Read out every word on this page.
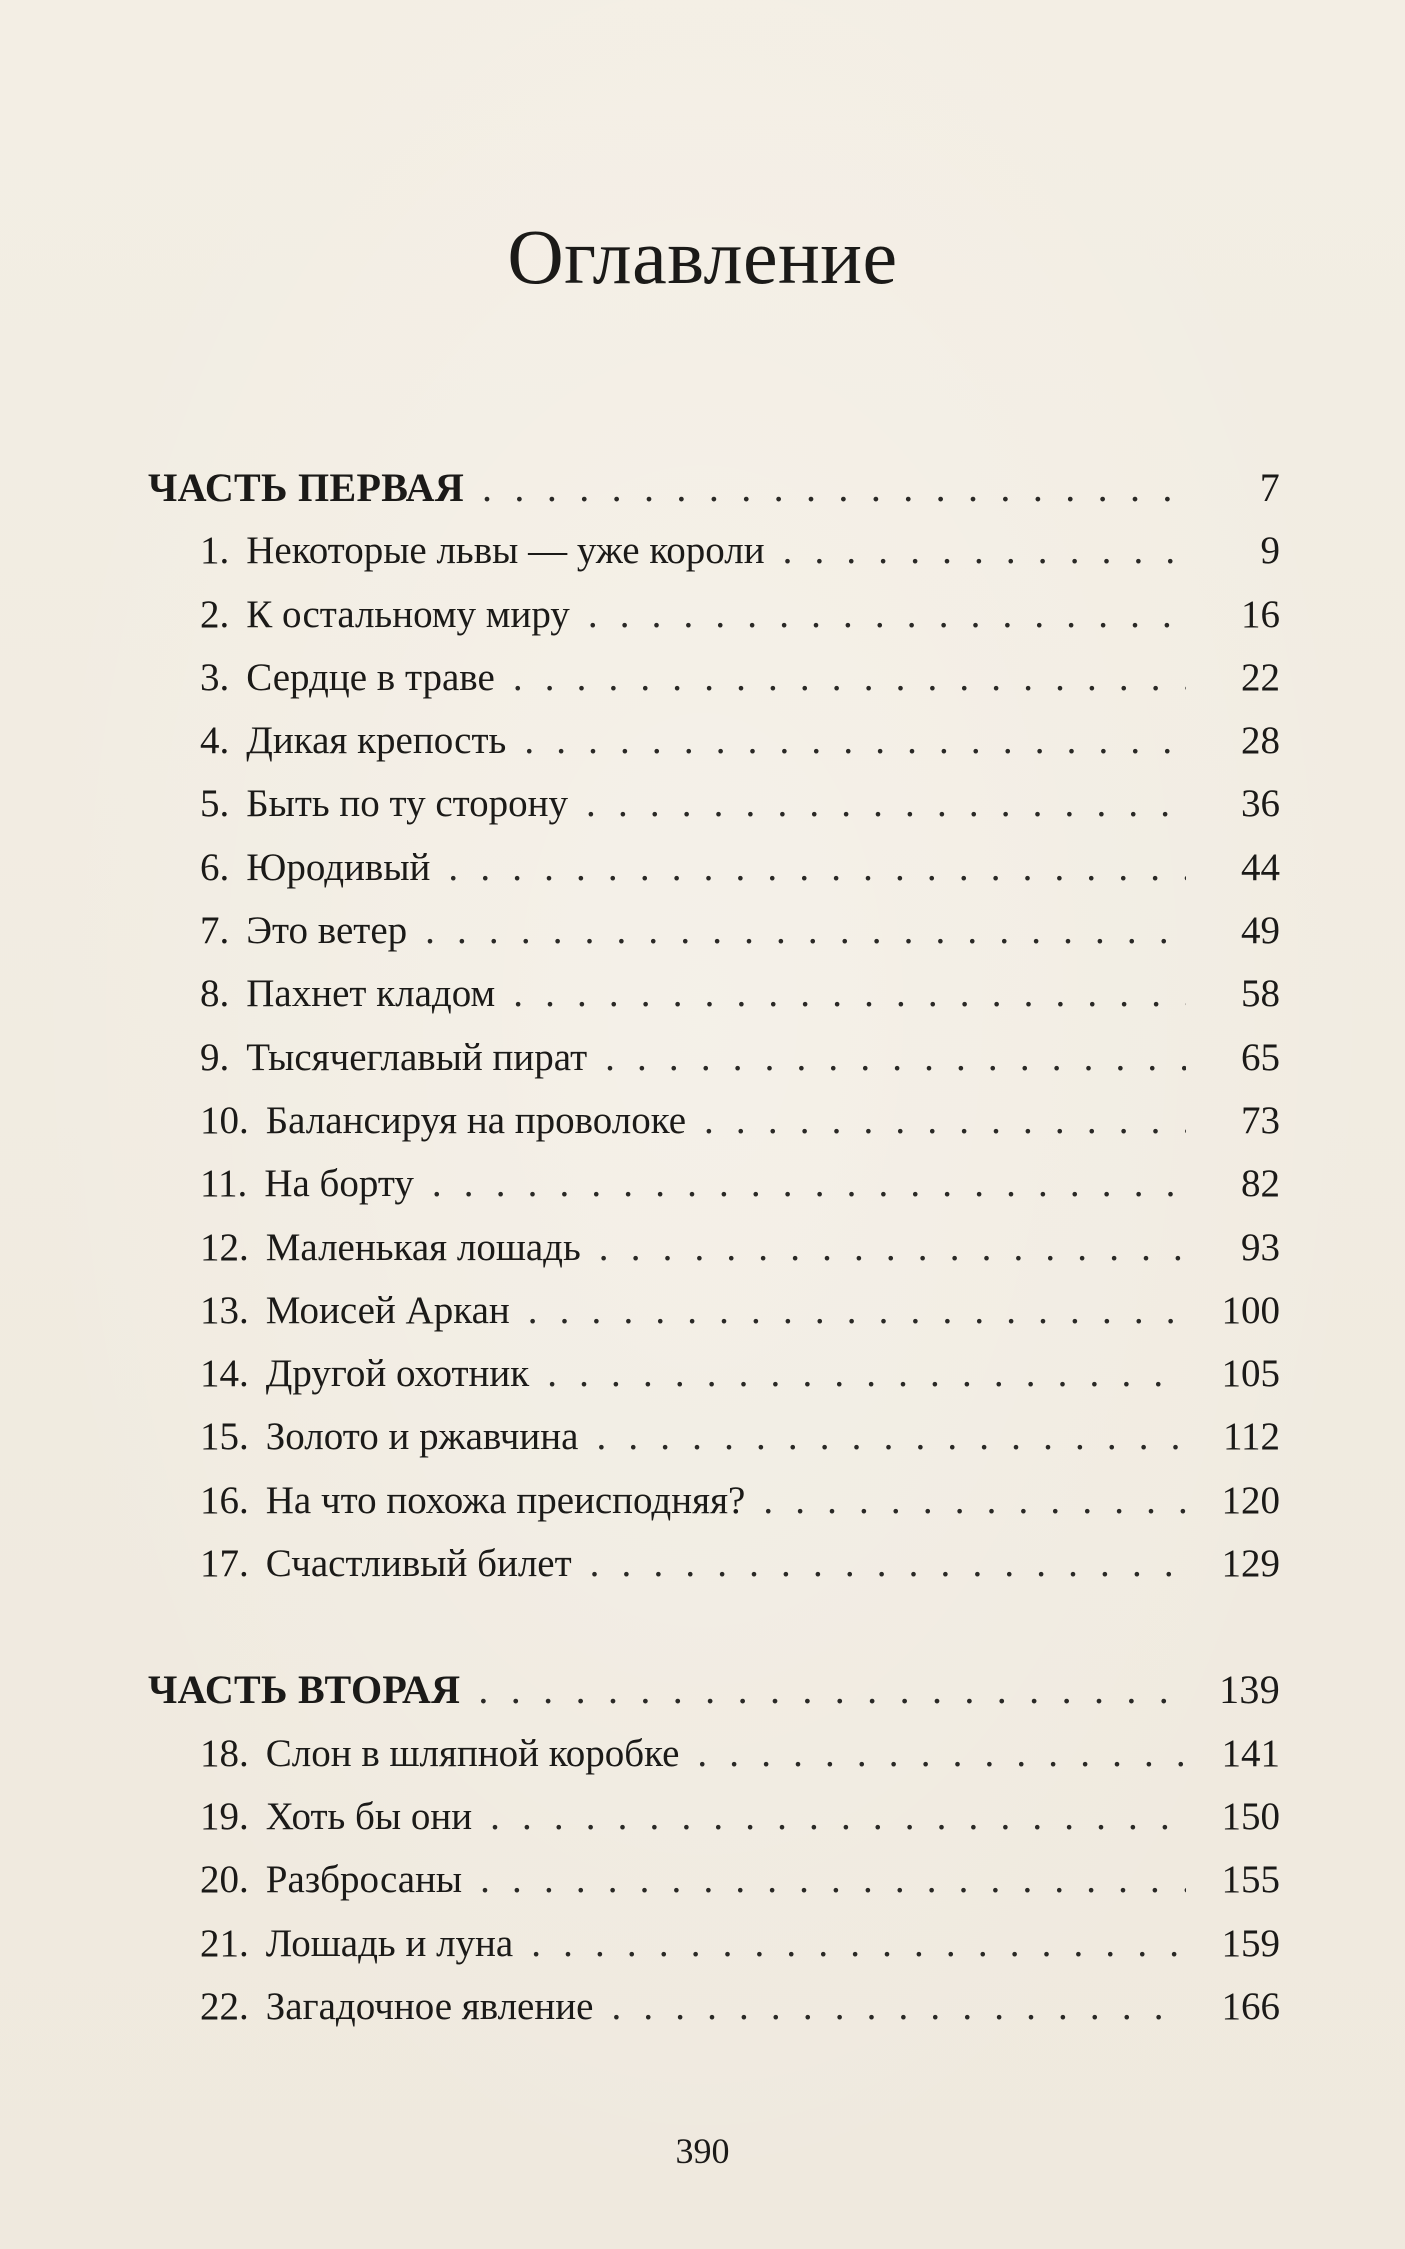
Оглавление
ЧАСТЬ ПЕРВАЯ . . .	7
1. Некоторые львы — уже короли . . .	9
2. К остальному миру . . .	16
3. Сердце в траве . . .	22
4. Дикая крепость . . .	28
5. Быть по ту сторону . . .	36
6. Юродивый . . .	44
7. Это ветер . . .	49
8. Пахнет кладом . . .	58
9. Тысячеглавый пират . . .	65
10. Балансируя на проволоке . . .	73
11. На борту . . .	82
12. Маленькая лошадь . . .	93
13. Моисей Аркан . . .	100
14. Другой охотник . . .	105
15. Золото и ржавчина . . .	112
16. На что похожа преисподняя? . . .	120
17. Счастливый билет . . .	129
ЧАСТЬ ВТОРАЯ . . .	139
18. Слон в шляпной коробке . . .	141
19. Хоть бы они . . .	150
20. Разбросаны . . .	155
21. Лошадь и луна . . .	159
22. Загадочное явление . . .	166
390
